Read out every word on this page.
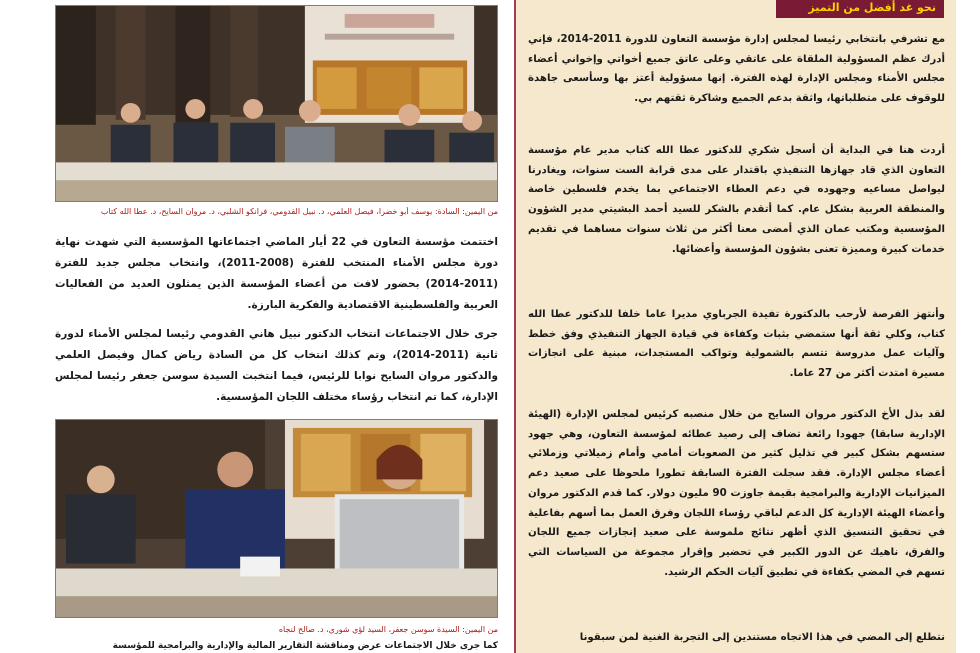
من اليمين: السادة: يوسف أبو خضرا، فيصل العلمي، د. نبيل القدومي، فرانكو الشلبي، د. مروان السايح، د. عطا الله كتاب

اختتمت مؤسسة التعاون في 22 أيار الماضي اجتماعاتها المؤسسية التي شهدت نهاية دورة مجلس الأمناء المنتخب للفترة (2008-2011)، وانتخاب مجلس جديد للفترة (2011-2014) بحضور لافت من أعضاء المؤسسة الذين يمثلون العديد من الفعاليات العربية والفلسطينية الاقتصادية والفكرية البارزة.

جرى خلال الاجتماعات انتخاب الدكتور نبيل هاني القدومي رئيسا لمجلس الأمناء لدورة ثانية (2011-2014)، وتم كذلك انتخاب كل من السادة رياض كمال وفيصل العلمي والدكتور مروان السايح نوابا للرئيس، فيما انتخبت السيدة سوسن جعفر رئيسا لمجلس الإدارة، كما تم انتخاب رؤساء مختلف اللجان المؤسسية.

من اليمين: السيدة سوسن جعفر، السيد لؤي شوري، د. صالح لنجاه

كما جرى خلال الاجتماعات عرض ومناقشة التقارير المالية والإدارية والبرامجية للمؤسسة

نحو غد أفضل من التميز

مع تشرفي بانتخابي رئيسا لمجلس إدارة مؤسسة التعاون للدورة 2011-2014، فإني أدرك عظم المسؤولية الملقاة على عاتقي وعلى عاتق جميع أخواتي وإخواني أعضاء مجلس الأمناء ومجلس الإدارة لهذه الفترة. إنها مسؤولية أعتز بها وسأسعى جاهدة للوقوف على متطلباتها، واثقة بدعم الجميع وشاكرة ثقتهم بي.

أردت هنا في البداية أن أسجل شكري للدكتور عطا الله كتاب مدير عام مؤسسة التعاون الذي قاد جهازها التنفيذي باقتدار على مدى قرابة الست سنوات، ويغادرنا ليواصل مساعيه وجهوده في دعم العطاء الاجتماعي بما يخدم فلسطين خاصة والمنطقة العربية بشكل عام. كما أتقدم بالشكر للسيد أحمد البشيتي مدير الشؤون المؤسسية ومكتب عمان الذي أمضى معنا أكثر من ثلاث سنوات مساهما في تقديم خدمات كبيرة ومميزة تعنى بشؤون المؤسسة وأعضائها.

وأنتهز الفرصة لأرحب بالدكتورة تفيدة الجرباوي مديرا عاما خلفا للدكتور عطا الله كتاب، وكلي ثقة أنها ستمضي بثبات وكفاءة في قيادة الجهاز التنفيذي وفق خطط وآليات عمل مدروسة تتسم بالشمولية وتواكب المستجدات، مبنية على انجازات مسيرة امتدت أكثر من 27 عاما.

لقد بذل الأخ الدكتور مروان السايح من خلال منصبه كرئيس لمجلس الإدارة (الهيئة الإدارية سابقا) جهودا رائعة تضاف إلى رصيد عطائه لمؤسسة التعاون، وهي جهود ستسهم بشكل كبير في تذليل كثير من الصعوبات أمامي وأمام زميلاتي وزملائي أعضاء مجلس الإدارة. فقد سجلت الفترة السابقة تطورا ملحوظا على صعيد دعم الميزانيات الإدارية والبرامجية بقيمة جاوزت 90 مليون دولار. كما قدم الدكتور مروان وأعضاء الهيئة الإدارية كل الدعم لباقي رؤساء اللجان وفرق العمل بما أسهم بفاعلية في تحقيق التنسيق الذي أظهر نتائج ملموسة على صعيد إنجازات جميع اللجان والفرق، ناهيك عن الدور الكبير في تحضير وإقرار مجموعة من السياسات التي تسهم في المضي بكفاءة في تطبيق آليات الحكم الرشيد.

نتطلع إلى المضي في هذا الاتجاه مستندين إلى التجربة الغنية لمن سبقونا
